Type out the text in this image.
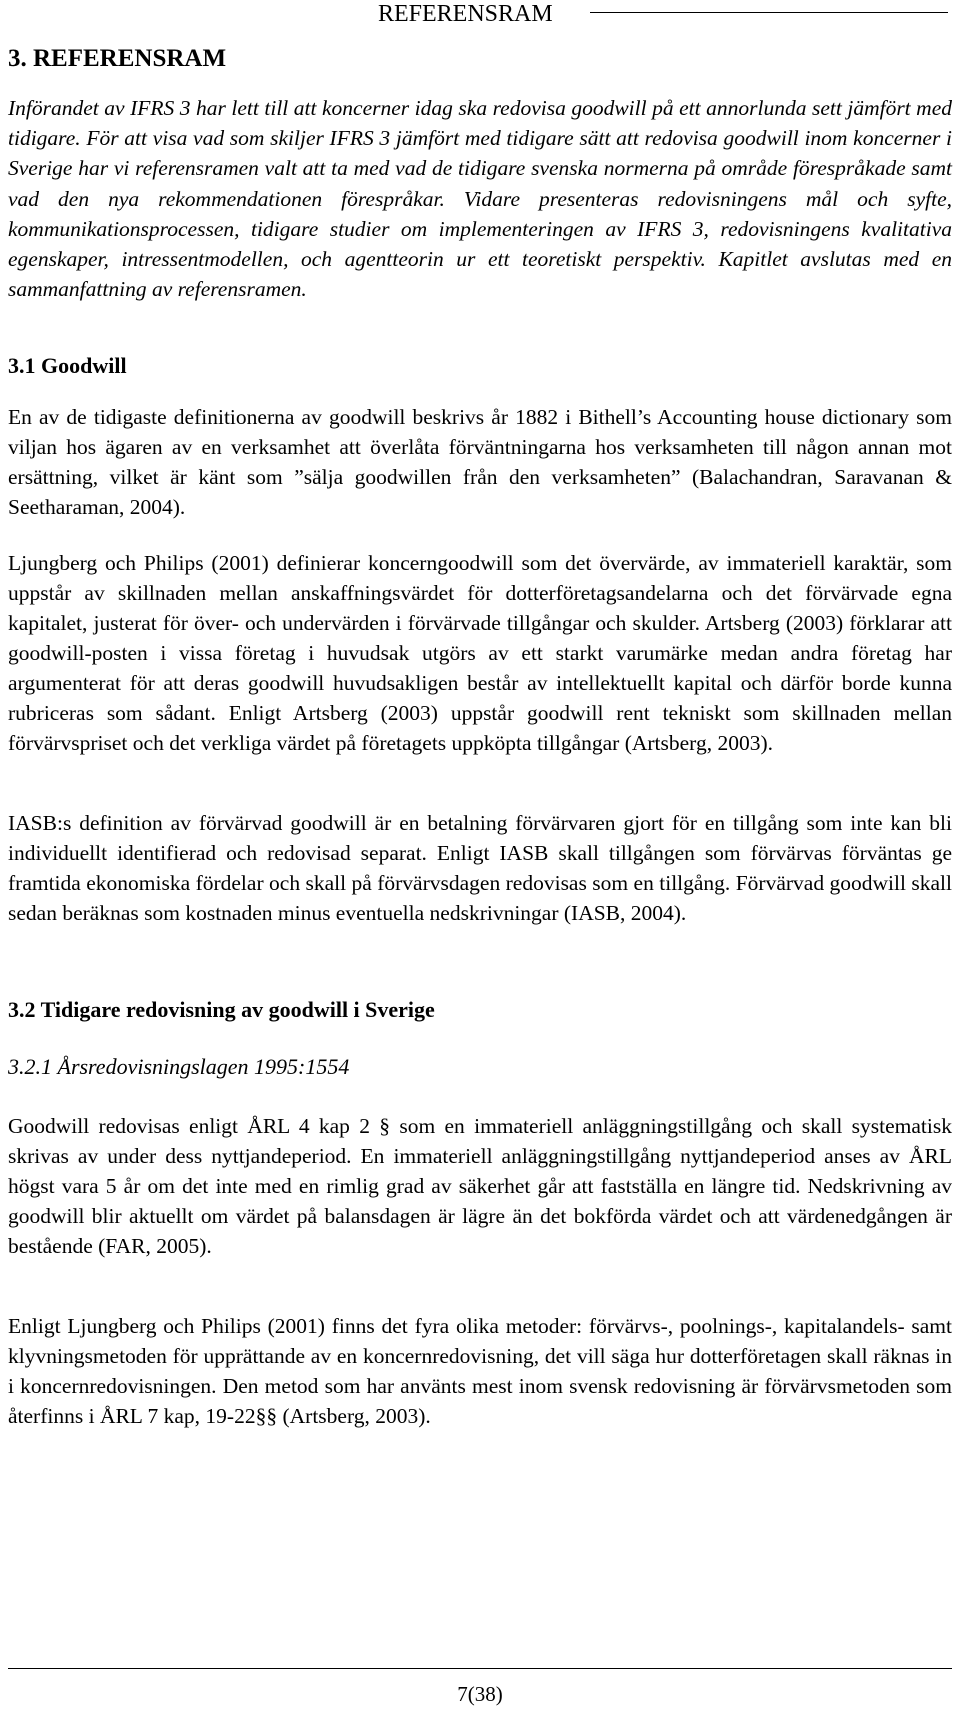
REFERENSRAM
3. REFERENSRAM

Införandet av IFRS 3 har lett till att koncerner idag ska redovisa goodwill på ett annorlunda sett jämfört med tidigare. För att visa vad som skiljer IFRS 3 jämfört med tidigare sätt att redovisa goodwill inom koncerner i Sverige har vi referensramen valt att ta med vad de tidigare svenska normerna på område förespråkade samt vad den nya rekommendationen förespråkar. Vidare presenteras redovisningens mål och syfte, kommunikationsprocessen, tidigare studier om implementeringen av IFRS 3, redovisningens kvalitativa egenskaper, intressentmodellen, och agentteorin ur ett teoretiskt perspektiv. Kapitlet avslutas med en sammanfattning av referensramen.

3.1 Goodwill

En av de tidigaste definitionerna av goodwill beskrivs år 1882 i Bithell’s Accounting house dictionary som viljan hos ägaren av en verksamhet att överlåta förväntningarna hos verksamheten till någon annan mot ersättning, vilket är känt som ”sälja goodwillen från den verksamheten” (Balachandran, Saravanan & Seetharaman, 2004).

Ljungberg och Philips (2001) definierar koncerngoodwill som det övervärde, av immateriell karaktär, som uppstår av skillnaden mellan anskaffningsvärdet för dotterföretagsandelarna och det förvärvade egna kapitalet, justerat för över- och undervärden i förvärvade tillgångar och skulder. Artsberg (2003) förklarar att goodwill-posten i vissa företag i huvudsak utgörs av ett starkt varumärke medan andra företag har argumenterat för att deras goodwill huvudsakligen består av intellektuellt kapital och därför borde kunna rubriceras som sådant. Enligt Artsberg (2003) uppstår goodwill rent tekniskt som skillnaden mellan förvärvspriset och det verkliga värdet på företagets uppköpta tillgångar (Artsberg, 2003).

IASB:s definition av förvärvad goodwill är en betalning förvärvaren gjort för en tillgång som inte kan bli individuellt identifierad och redovisad separat. Enligt IASB skall tillgången som förvärvas förväntas ge framtida ekonomiska fördelar och skall på förvärvsdagen redovisas som en tillgång. Förvärvad goodwill skall sedan beräknas som kostnaden minus eventuella nedskrivningar (IASB, 2004).

3.2 Tidigare redovisning av goodwill i Sverige
3.2.1 Årsredovisningslagen 1995:1554

Goodwill redovisas enligt ÅRL 4 kap 2 § som en immateriell anläggningstillgång och skall systematisk skrivas av under dess nyttjandeperiod. En immateriell anläggningstillgång nyttjandeperiod anses av ÅRL högst vara 5 år om det inte med en rimlig grad av säkerhet går att fastställa en längre tid. Nedskrivning av goodwill blir aktuellt om värdet på balansdagen är lägre än det bokförda värdet och att värdenedgången är bestående (FAR, 2005).

Enligt Ljungberg och Philips (2001) finns det fyra olika metoder: förvärvs-, poolnings-, kapitalandels- samt klyvningsmetoden för upprättande av en koncernredovisning, det vill säga hur dotterföretagen skall räknas in i koncernredovisningen. Den metod som har använts mest inom svensk redovisning är förvärvsmetoden som återfinns i ÅRL 7 kap, 19-22§§ (Artsberg, 2003).

7(38)
